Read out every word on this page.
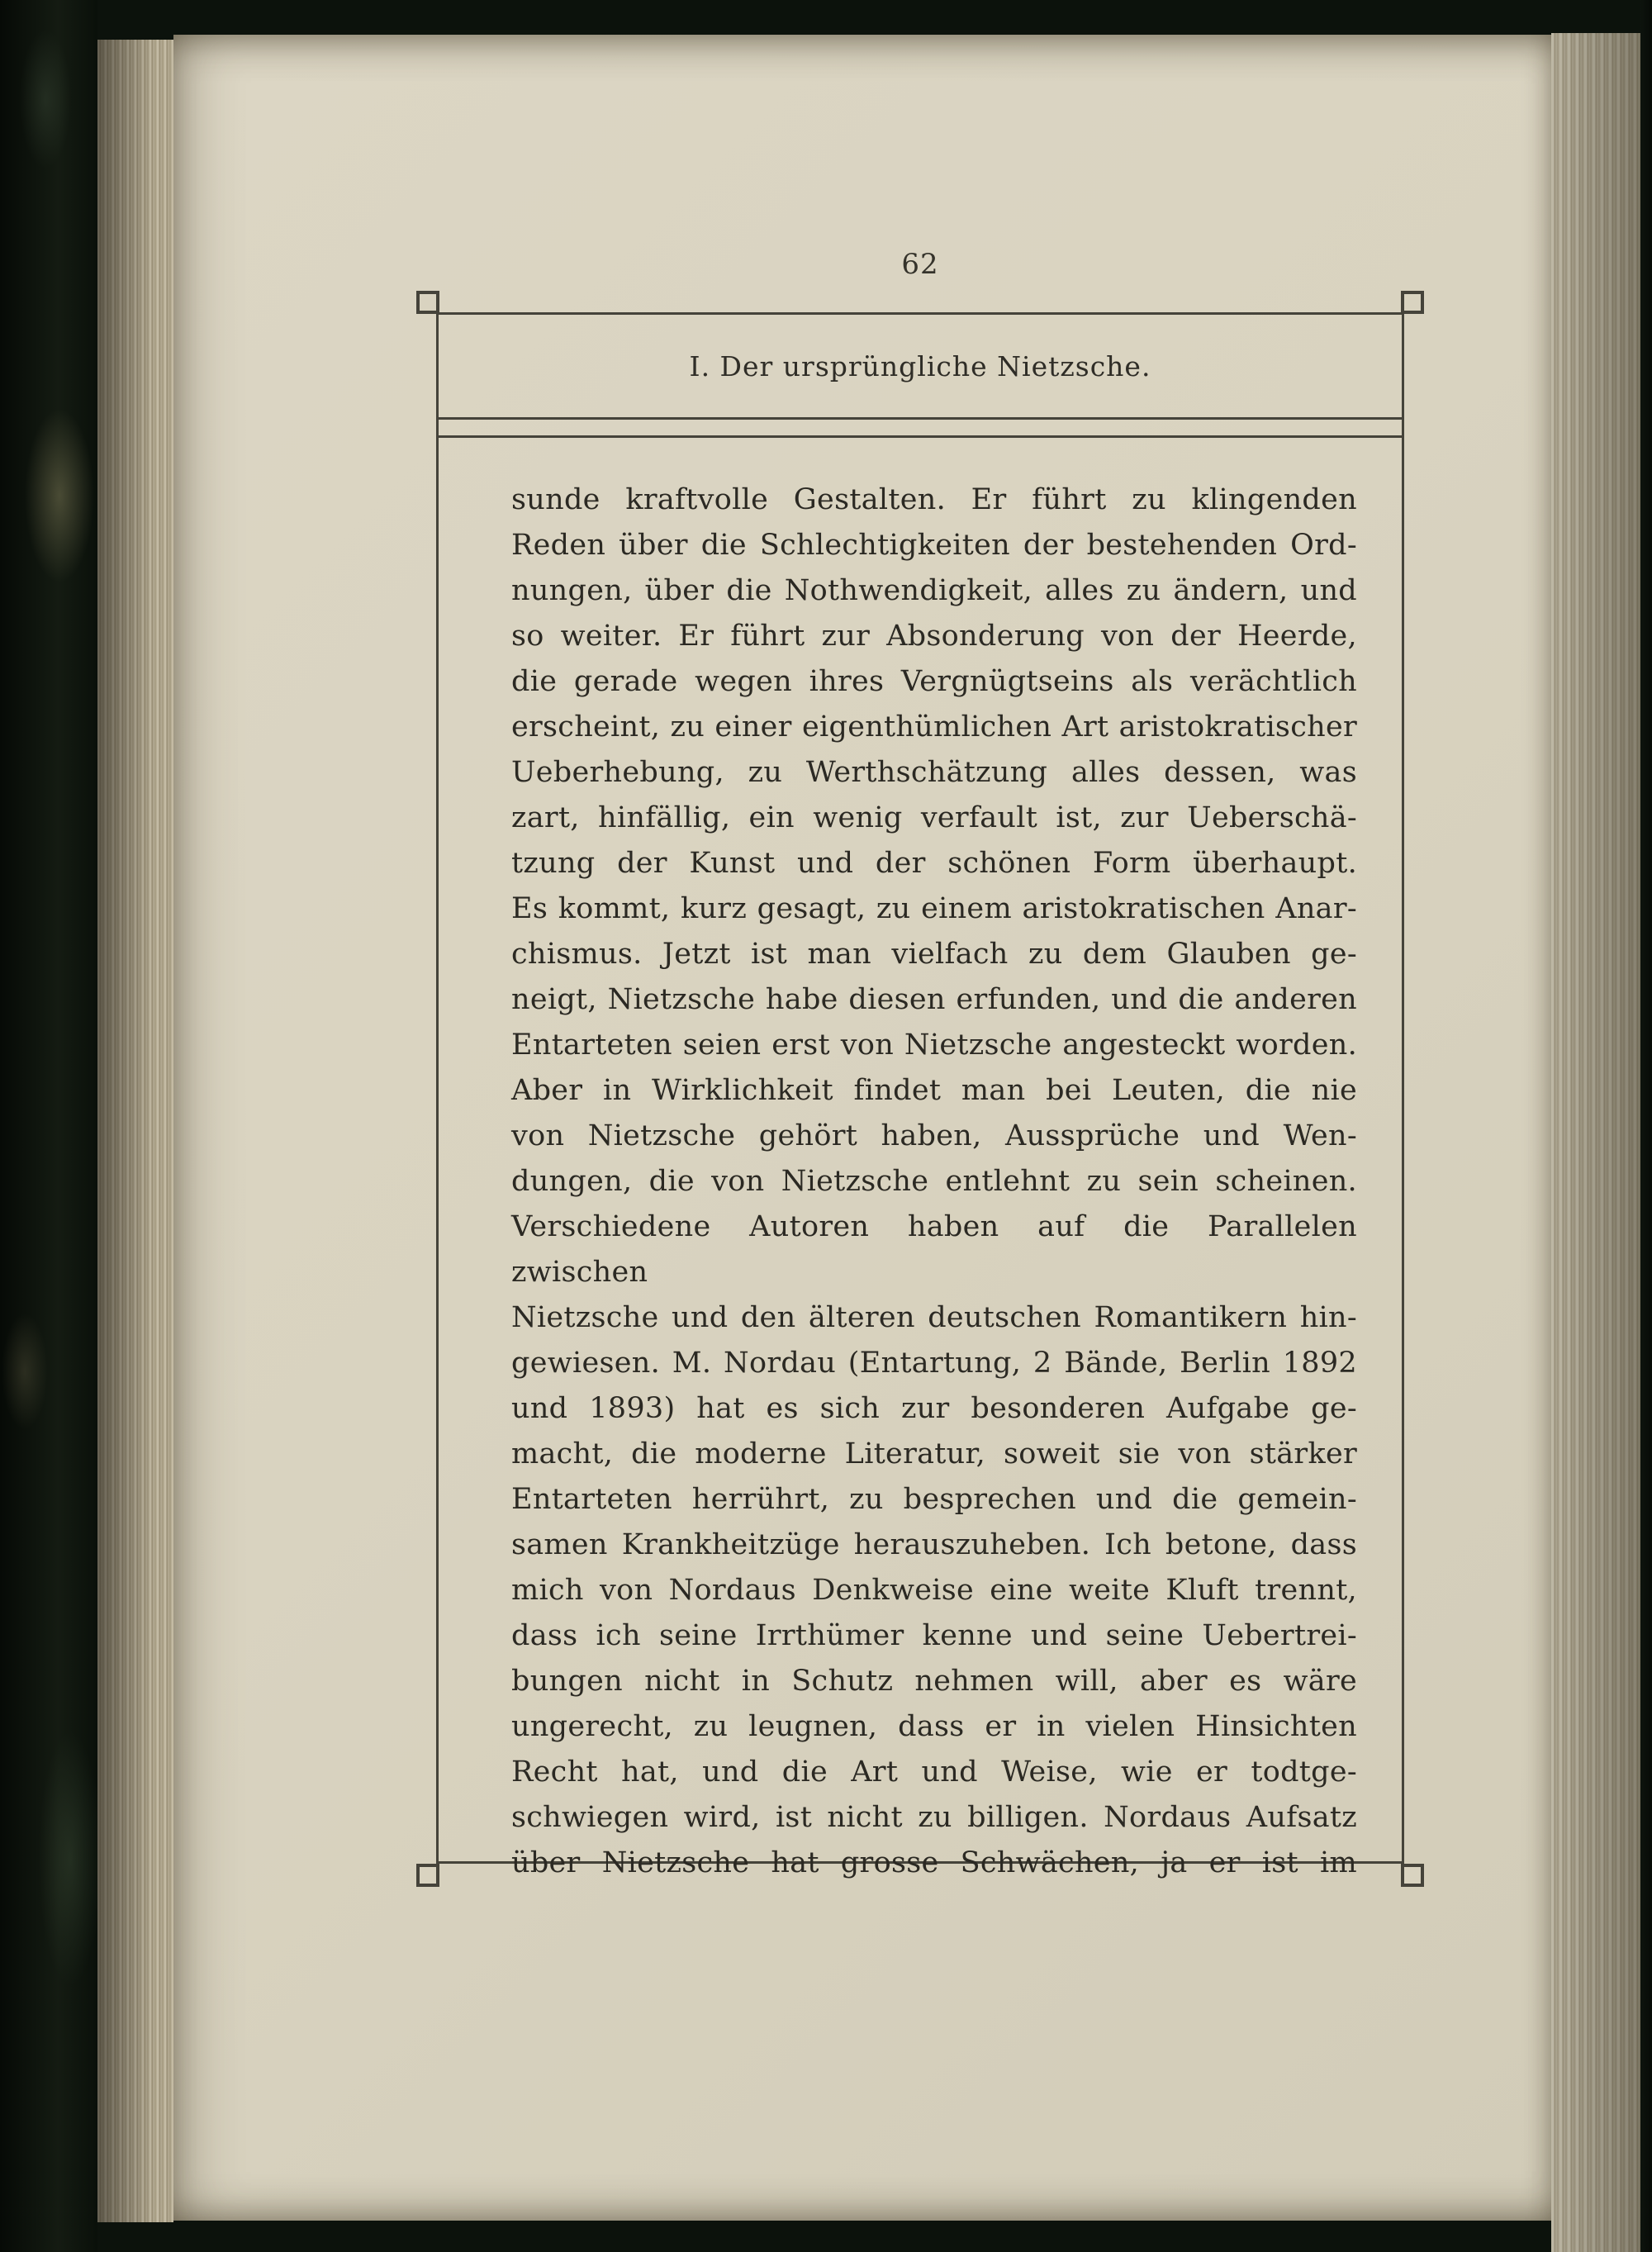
62
I. Der ursprüngliche Nietzsche.
sunde kraftvolle Gestalten. Er führt zu klingenden
Reden über die Schlechtigkeiten der bestehenden Ord-
nungen, über die Nothwendigkeit, alles zu ändern, und
so weiter. Er führt zur Absonderung von der Heerde,
die gerade wegen ihres Vergnügtseins als verächtlich
erscheint, zu einer eigenthümlichen Art aristokratischer
Ueberhebung, zu Werthschätzung alles dessen, was
zart, hinfällig, ein wenig verfault ist, zur Ueberschä-
tzung der Kunst und der schönen Form überhaupt.
Es kommt, kurz gesagt, zu einem aristokratischen Anar-
chismus. Jetzt ist man vielfach zu dem Glauben ge-
neigt, Nietzsche habe diesen erfunden, und die anderen
Entarteten seien erst von Nietzsche angesteckt worden.
Aber in Wirklichkeit findet man bei Leuten, die nie
von Nietzsche gehört haben, Aussprüche und Wen-
dungen, die von Nietzsche entlehnt zu sein scheinen.
Verschiedene Autoren haben auf die Parallelen zwischen
Nietzsche und den älteren deutschen Romantikern hin-
gewiesen. M. Nordau (Entartung, 2 Bände, Berlin 1892
und 1893) hat es sich zur besonderen Aufgabe ge-
macht, die moderne Literatur, soweit sie von stärker
Entarteten herrührt, zu besprechen und die gemein-
samen Krankheitzüge herauszuheben. Ich betone, dass
mich von Nordaus Denkweise eine weite Kluft trennt,
dass ich seine Irrthümer kenne und seine Uebertrei-
bungen nicht in Schutz nehmen will, aber es wäre
ungerecht, zu leugnen, dass er in vielen Hinsichten
Recht hat, und die Art und Weise, wie er todtge-
schwiegen wird, ist nicht zu billigen. Nordaus Aufsatz
über Nietzsche hat grosse Schwächen, ja er ist im
